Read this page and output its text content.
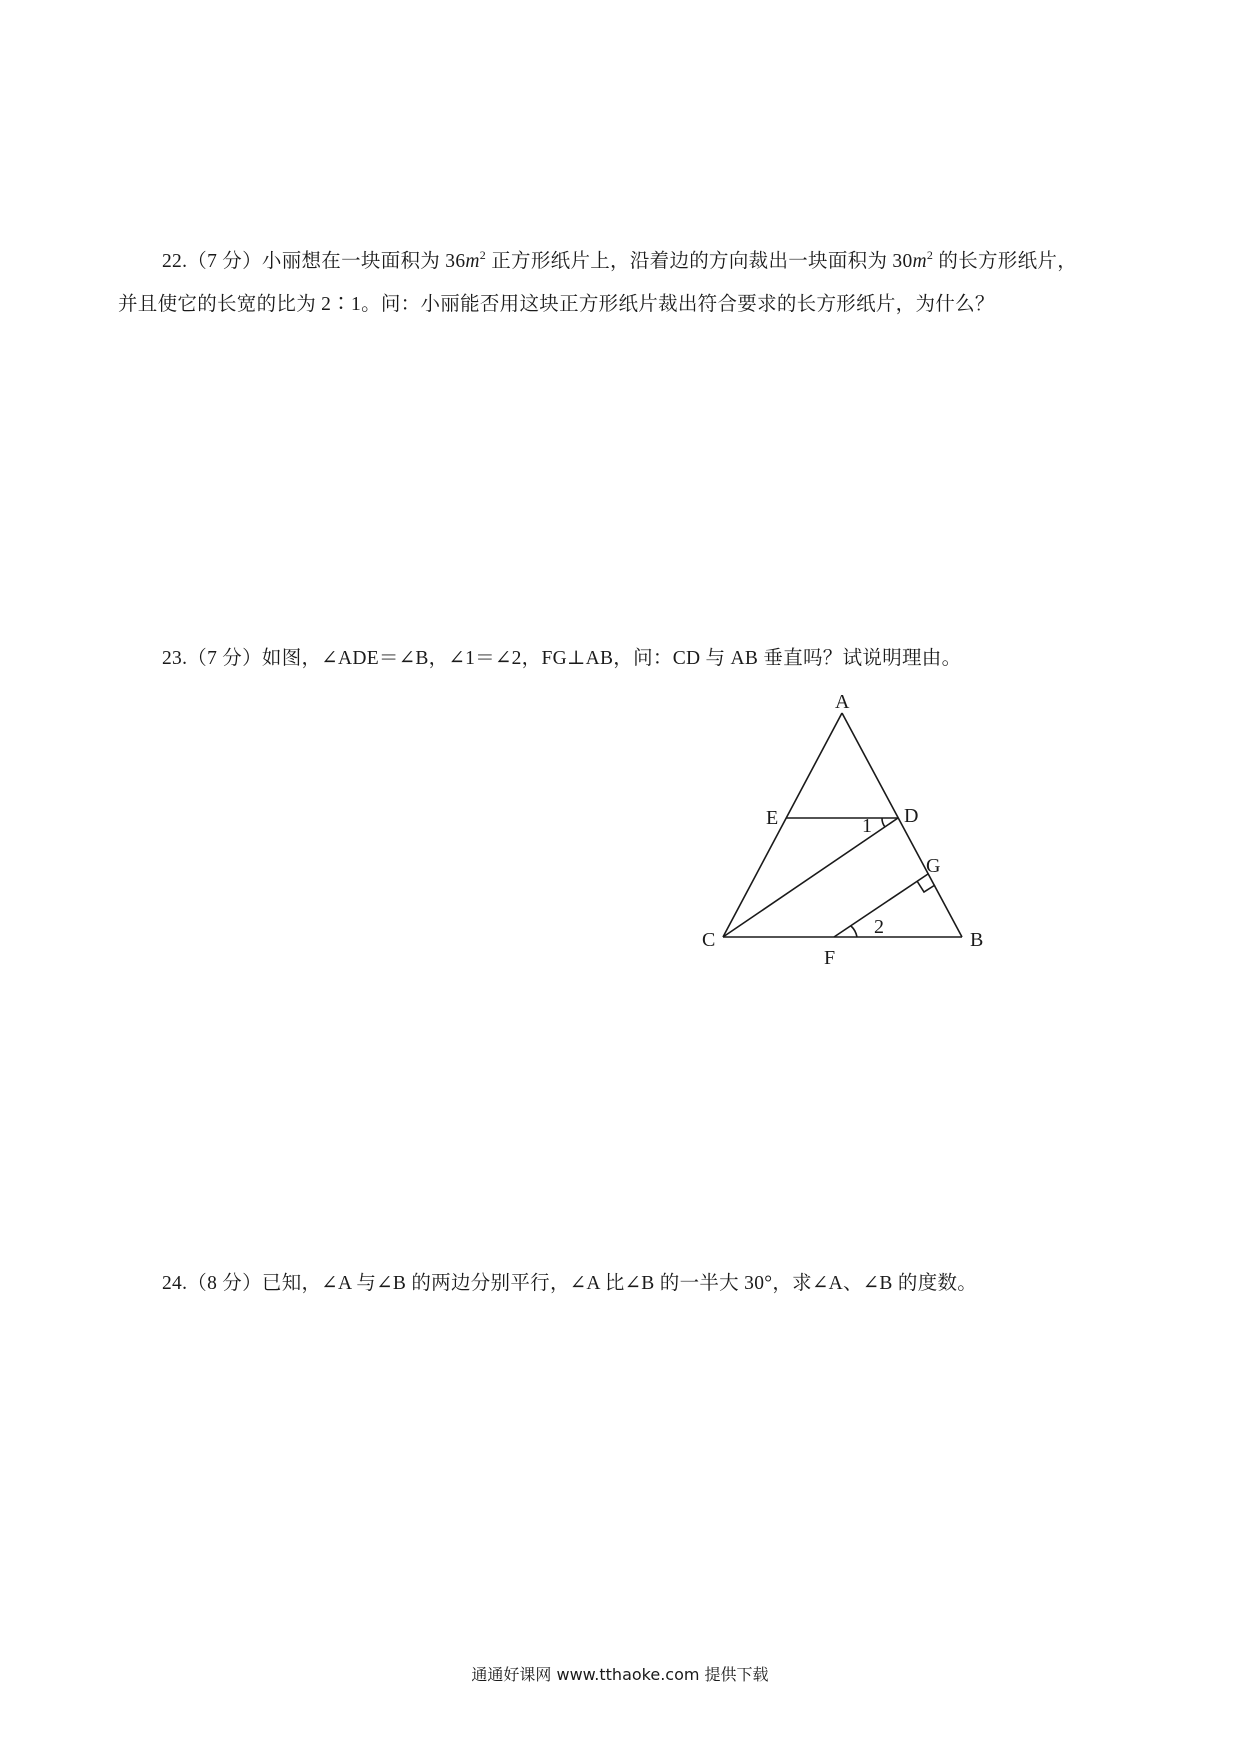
22.（7 分）小丽想在一块面积为 $36m^2$ 正方形纸片上，沿着边的方向裁出一块面积为 $30m^2$ 的长方形纸片，
并且使它的长宽的比为 2∶1。问：小丽能否用这块正方形纸片裁出符合要求的长方形纸片，为什么？
23.（7 分）如图，∠ADE＝∠B，∠1＝∠2，FG⊥AB，问：CD 与 AB 垂直吗？试说明理由。
A
E	D
1
G
2
C	B
F
24.（8 分）已知，∠A 与∠B 的两边分别平行，∠A 比∠B 的一半大 30°，求∠A、∠B 的度数。
通通好课网 www.tthaoke.com 提供下载
